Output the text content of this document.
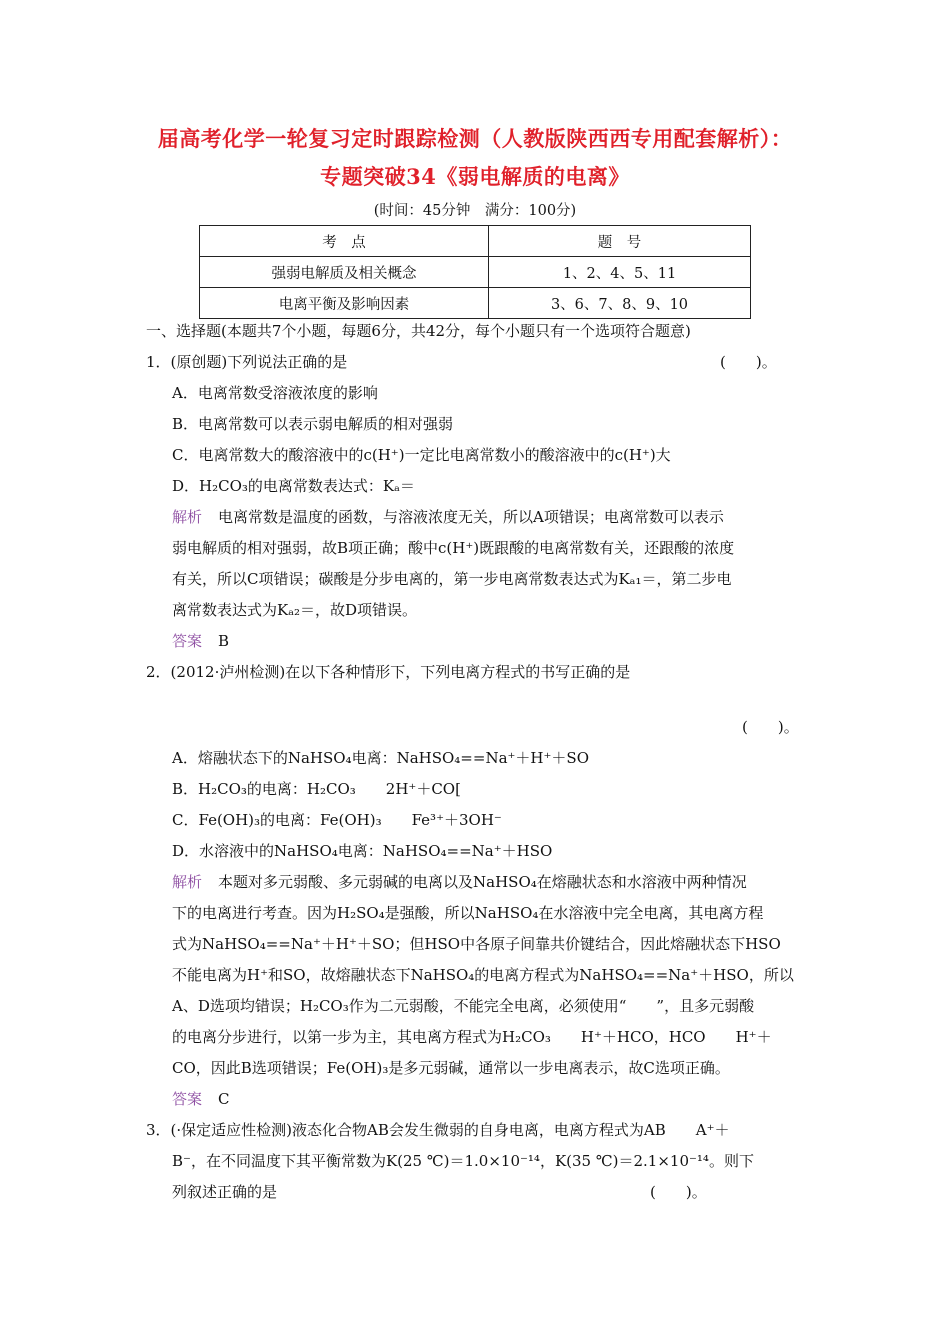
届高考化学一轮复习定时跟踪检测（人教版陕西西专用配套解析）：
专题突破34《弱电解质的电离》
(时间：45分钟　满分：100分)
考　点	题　号
强弱电解质及相关概念	1、2、4、5、11
电离平衡及影响因素	3、6、7、8、9、10
一、选择题(本题共7个小题，每题6分，共42分，每个小题只有一个选项符合题意)
1．(原创题)下列说法正确的是	(　　)。
A．电离常数受溶液浓度的影响
B．电离常数可以表示弱电解质的相对强弱
C．电离常数大的酸溶液中的c(H⁺)一定比电离常数小的酸溶液中的c(H⁺)大
D．H₂CO₃的电离常数表达式：Kₐ＝
解析 电离常数是温度的函数，与溶液浓度无关，所以A项错误；电离常数可以表示
弱电解质的相对强弱，故B项正确；酸中c(H⁺)既跟酸的电离常数有关，还跟酸的浓度
有关，所以C项错误；碳酸是分步电离的，第一步电离常数表达式为Kₐ₁＝，第二步电
离常数表达式为Kₐ₂＝，故D项错误。
答案 B
2．(2012·泸州检测)在以下各种情形下，下列电离方程式的书写正确的是
(　　)。
A．熔融状态下的NaHSO₄电离：NaHSO₄==Na⁺＋H⁺＋SO
B．H₂CO₃的电离：H₂CO₃　　2H⁺＋CO[
C．Fe(OH)₃的电离：Fe(OH)₃　　Fe³⁺＋3OH⁻
D．水溶液中的NaHSO₄电离：NaHSO₄==Na⁺＋HSO
解析 本题对多元弱酸、多元弱碱的电离以及NaHSO₄在熔融状态和水溶液中两种情况
下的电离进行考查。因为H₂SO₄是强酸，所以NaHSO₄在水溶液中完全电离，其电离方程
式为NaHSO₄==Na⁺＋H⁺＋SO；但HSO中各原子间靠共价键结合，因此熔融状态下HSO
不能电离为H⁺和SO，故熔融状态下NaHSO₄的电离方程式为NaHSO₄==Na⁺＋HSO，所以
A、D选项均错误；H₂CO₃作为二元弱酸，不能完全电离，必须使用“　　”，且多元弱酸
的电离分步进行，以第一步为主，其电离方程式为H₂CO₃　　H⁺＋HCO，HCO　　H⁺＋
CO，因此B选项错误；Fe(OH)₃是多元弱碱，通常以一步电离表示，故C选项正确。
答案 C
3．(·保定适应性检测)液态化合物AB会发生微弱的自身电离，电离方程式为AB　　A⁺＋
B⁻，在不同温度下其平衡常数为K(25 ℃)＝1.0×10⁻¹⁴，K(35 ℃)＝2.1×10⁻¹⁴。则下
列叙述正确的是	(　　)。
